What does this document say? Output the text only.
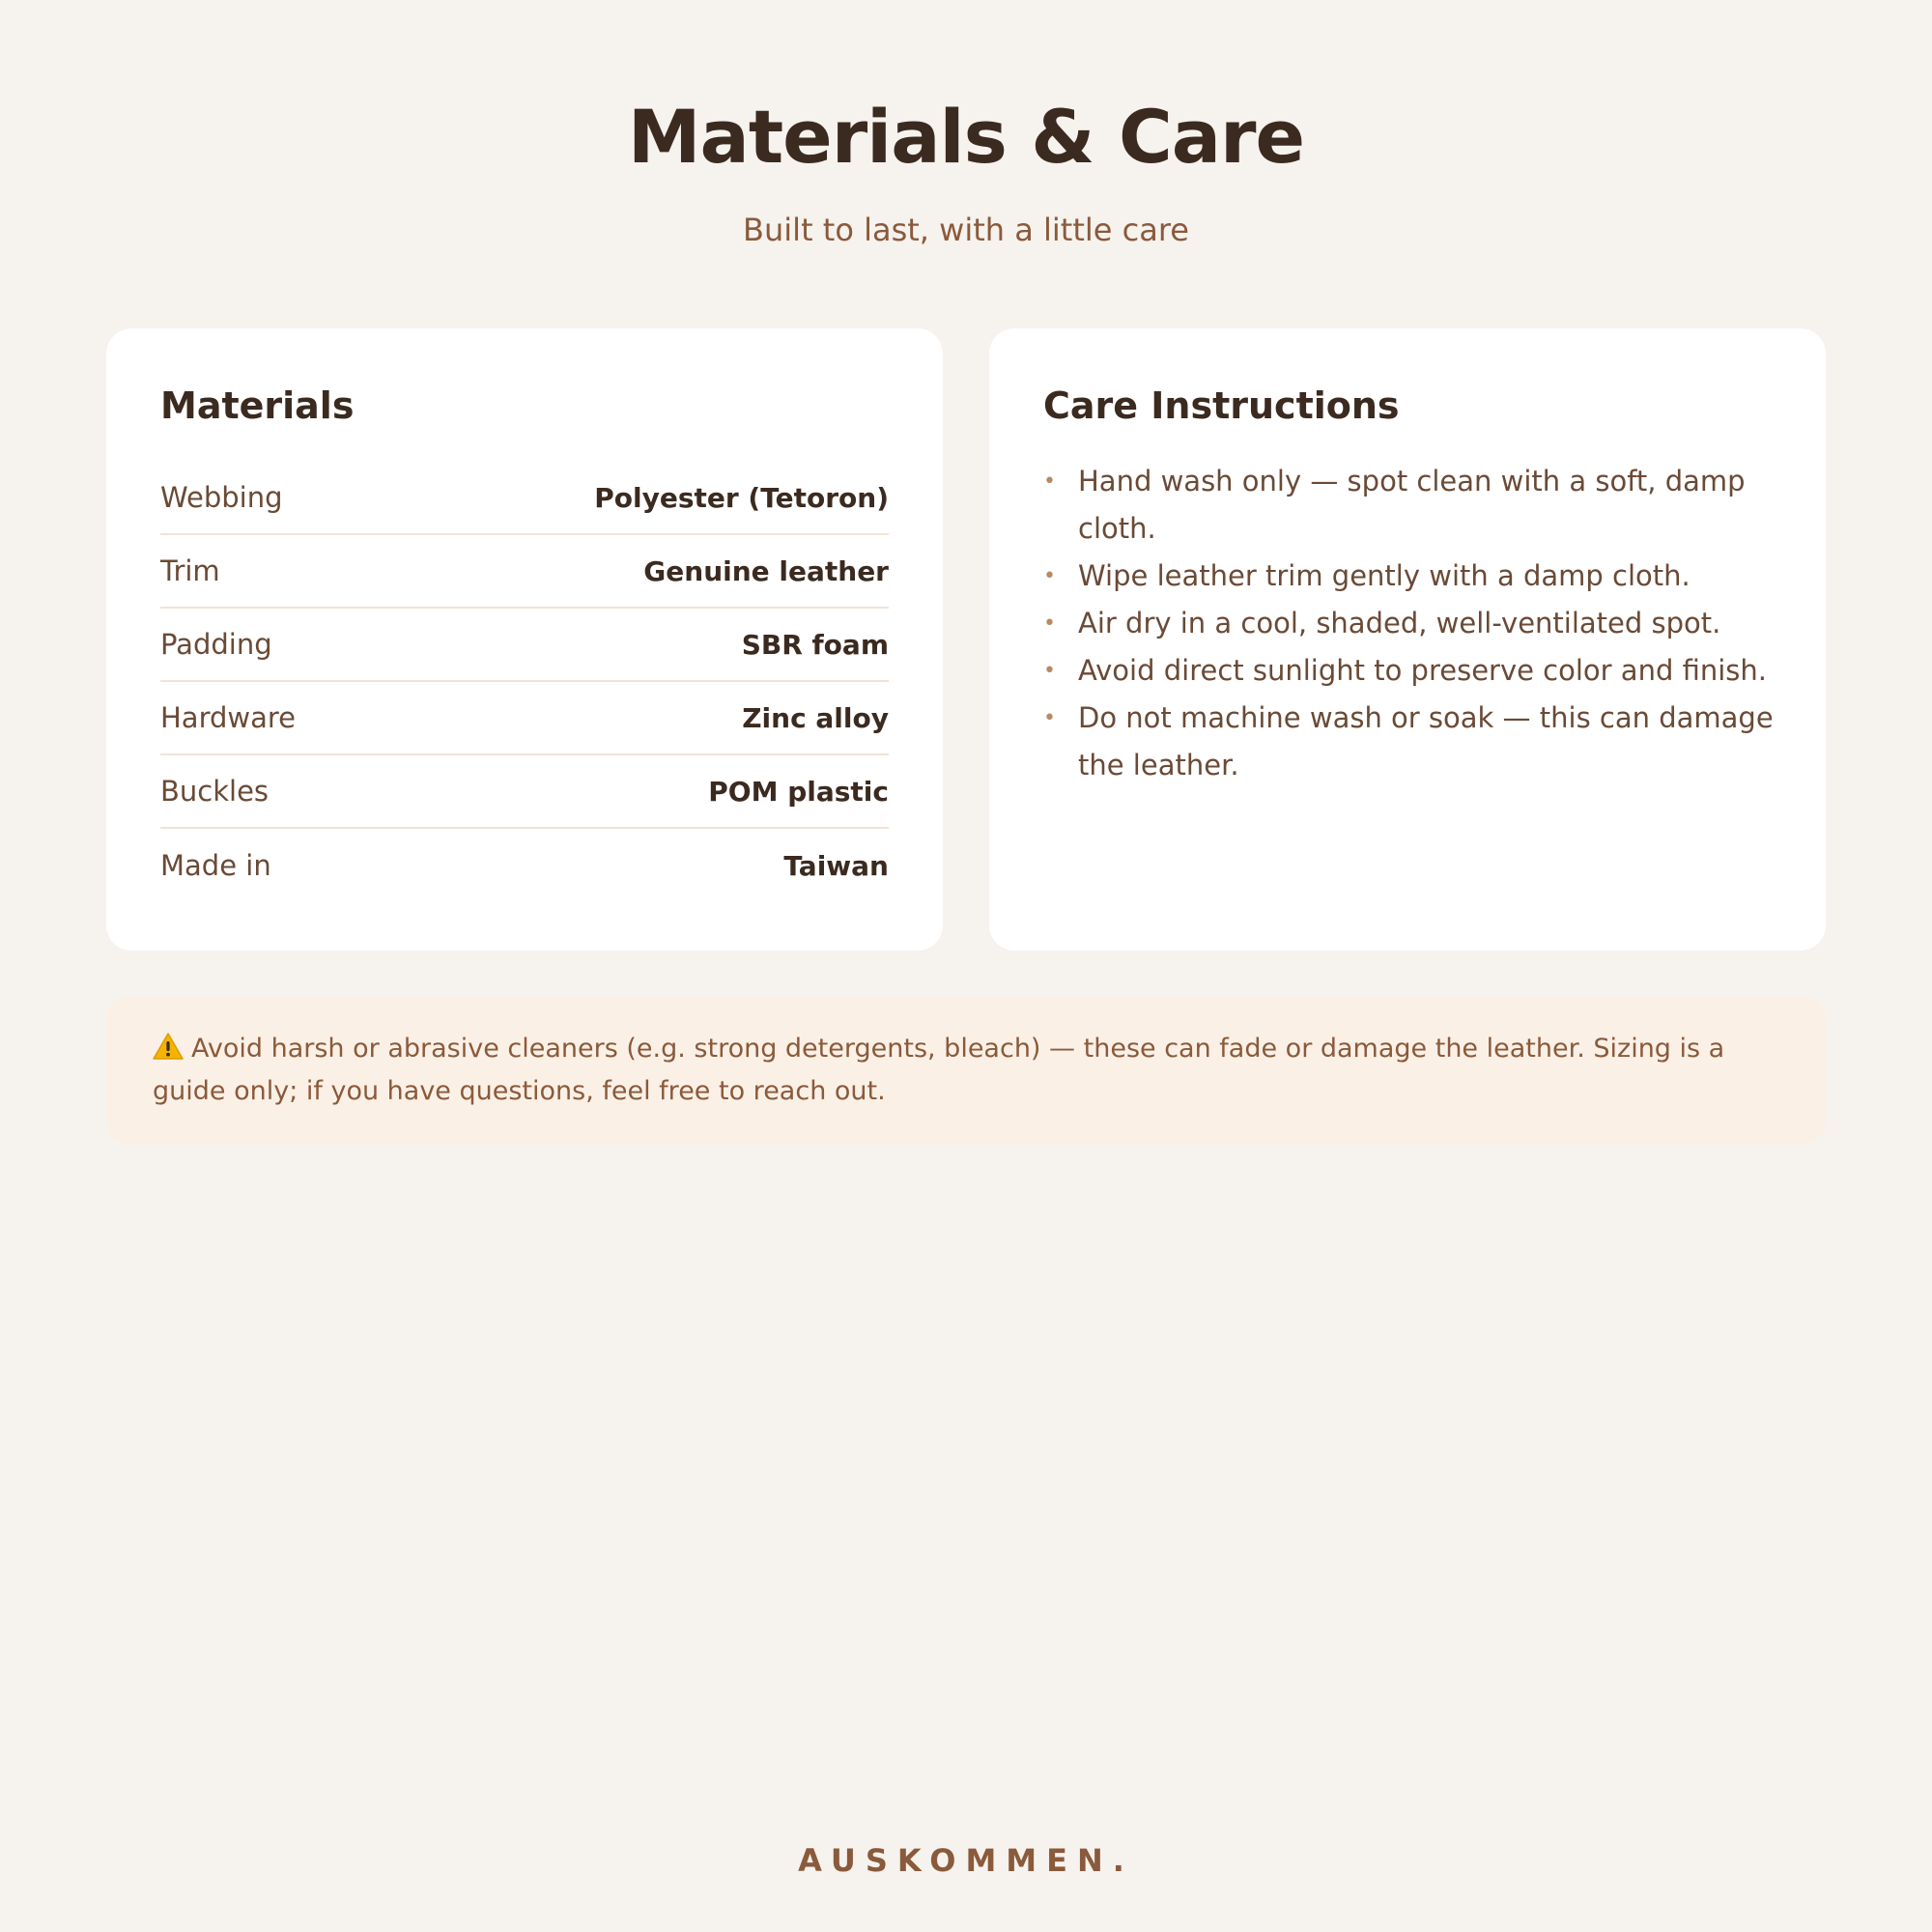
Materials & Care

Built to last, with a little care

Materials
Webbing	Polyester (Tetoron)
Trim	Genuine leather
Padding	SBR foam
Hardware	Zinc alloy
Buckles	POM plastic
Made in	Taiwan
Care Instructions
• Hand wash only — spot clean with a soft, damp cloth.
• Wipe leather trim gently with a damp cloth.
• Air dry in a cool, shaded, well-ventilated spot.
• Avoid direct sunlight to preserve color and finish.
• Do not machine wash or soak — this can damage the leather.
Avoid harsh or abrasive cleaners (e.g. strong detergents, bleach) — these can fade or damage the leather. Sizing is a guide only; if you have questions, feel free to reach out.
AUSKOMMEN.
